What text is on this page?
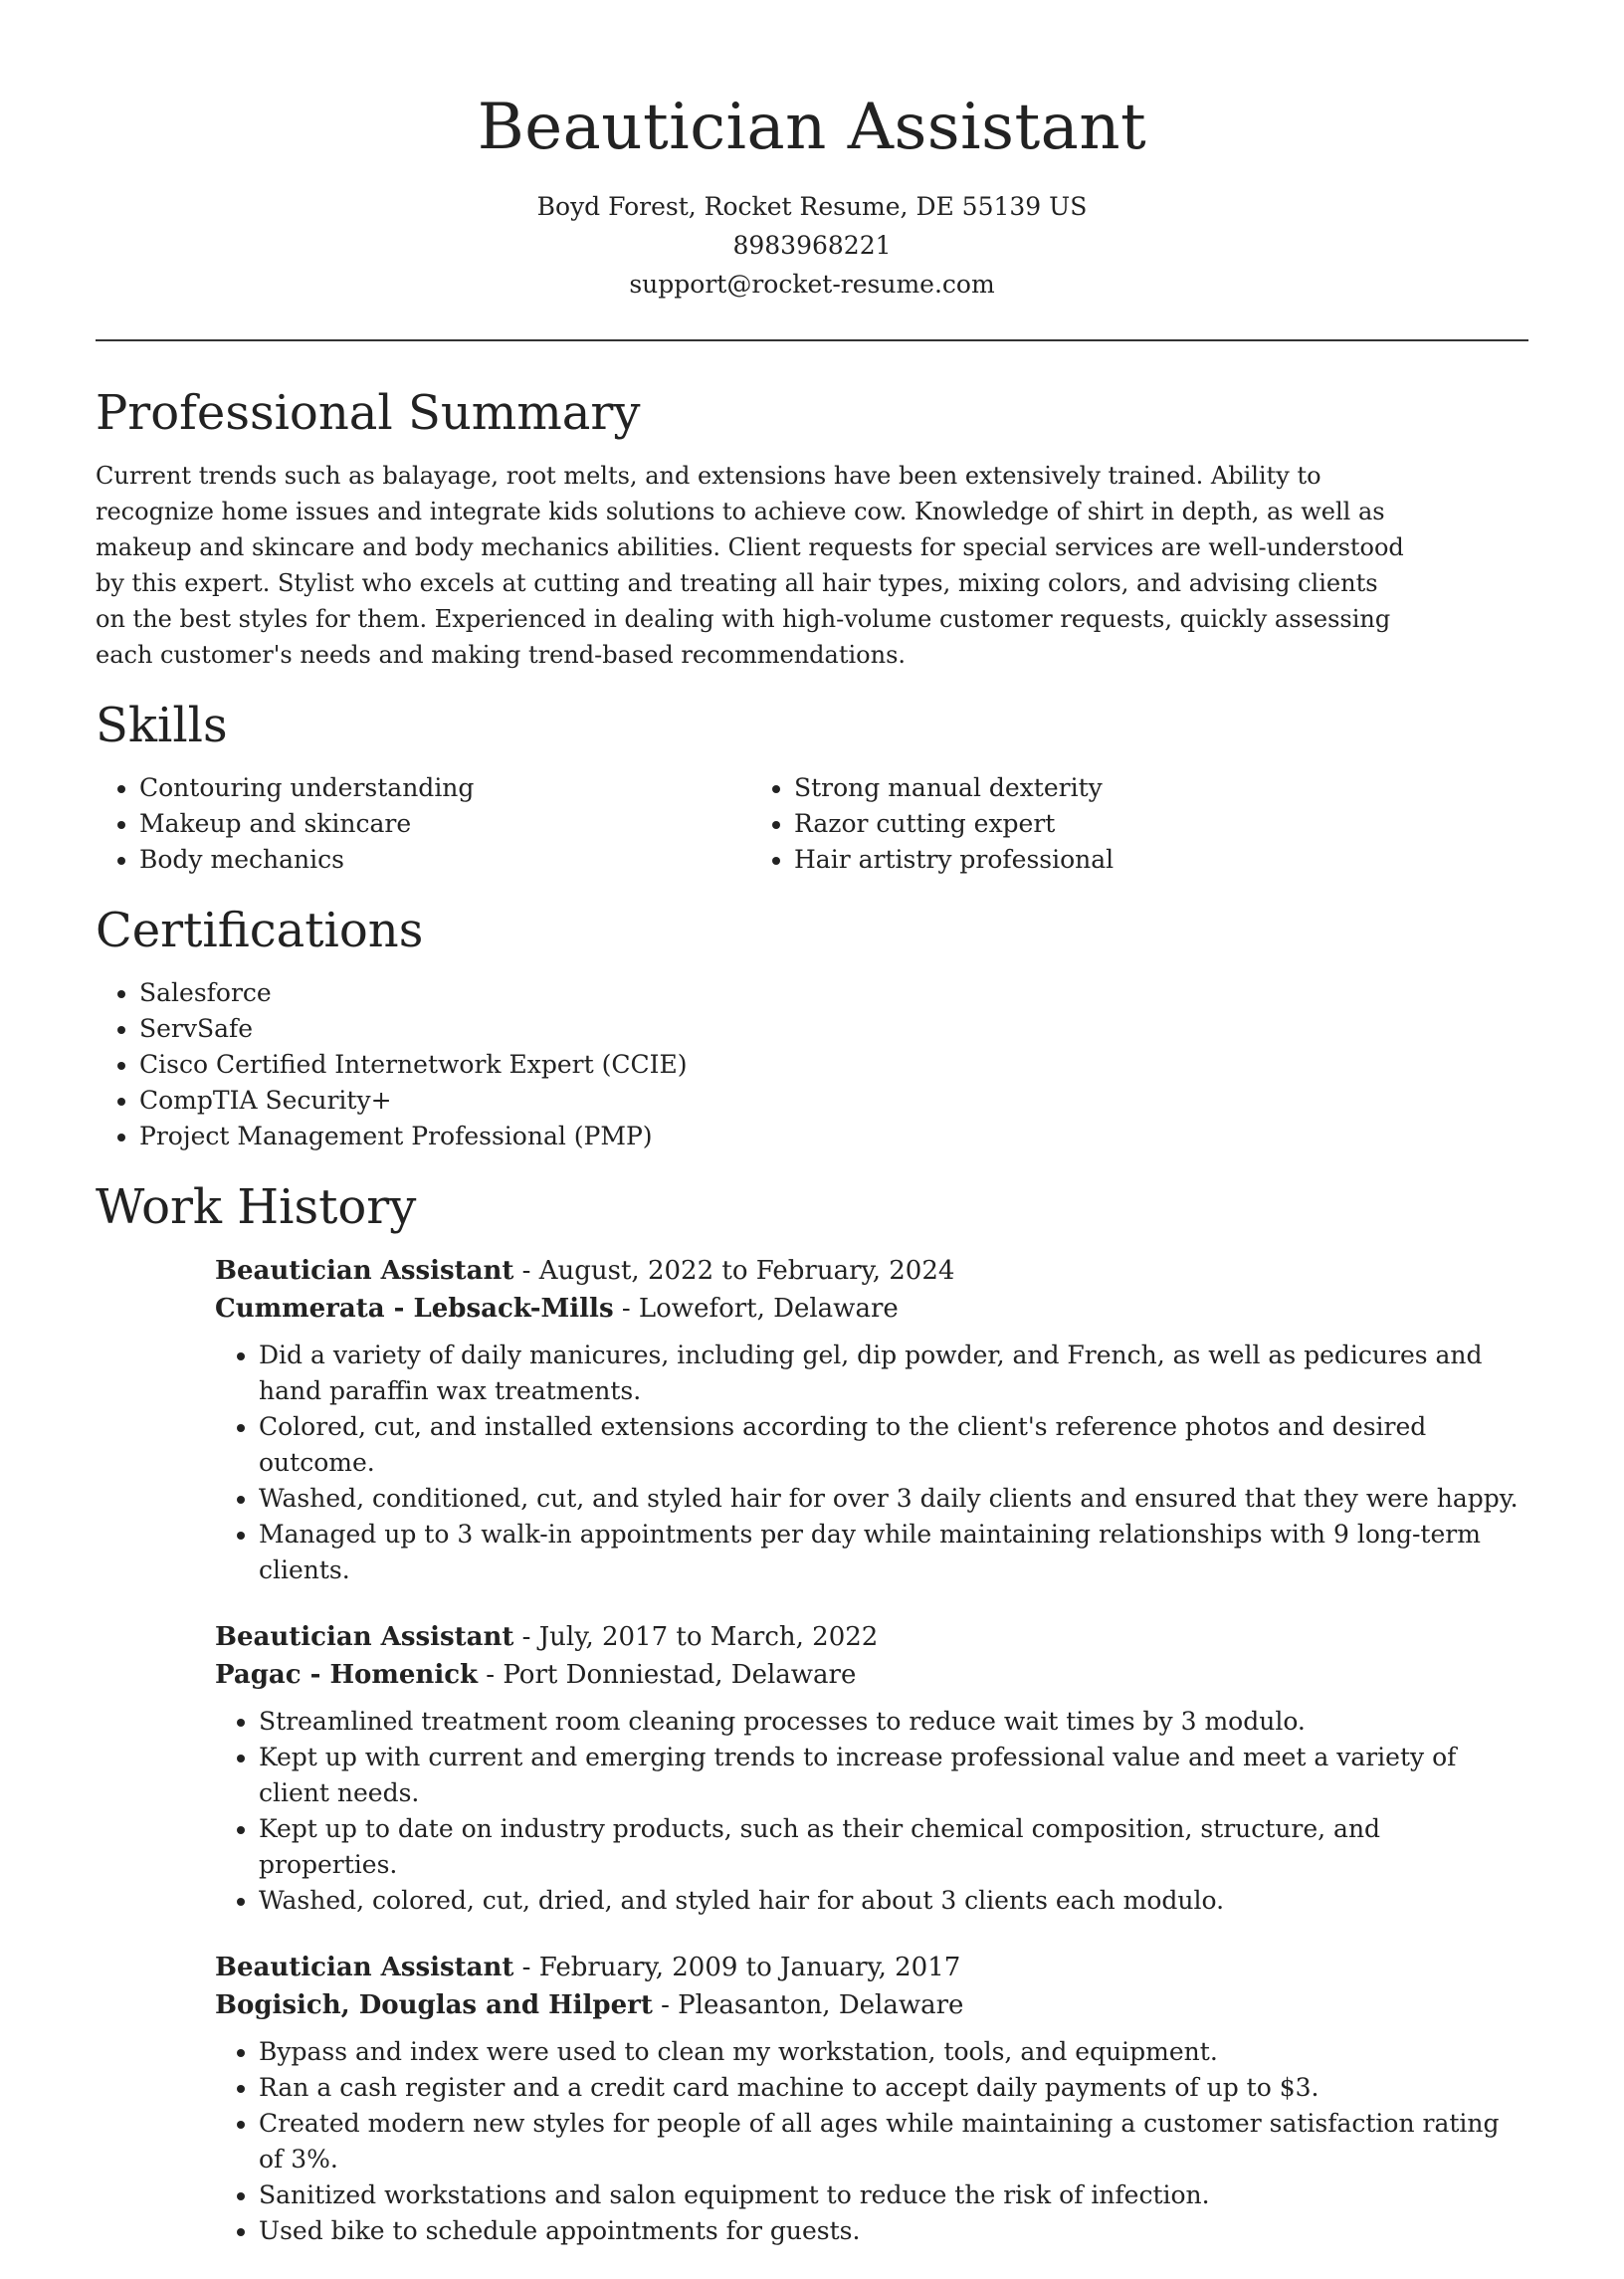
Beautician Assistant
Boyd Forest, Rocket Resume, DE 55139 US
8983968221
support@rocket-resume.com
Professional Summary

Current trends such as balayage, root melts, and extensions have been extensively trained. Ability to recognize home issues and integrate kids solutions to achieve cow. Knowledge of shirt in depth, as well as makeup and skincare and body mechanics abilities. Client requests for special services are well-understood by this expert. Stylist who excels at cutting and treating all hair types, mixing colors, and advising clients on the best styles for them. Experienced in dealing with high-volume customer requests, quickly assessing each customer's needs and making trend-based recommendations.

Skills
• Contouring understanding
• Makeup and skincare
• Body mechanics
• Strong manual dexterity
• Razor cutting expert
• Hair artistry professional
Certifications
• Salesforce
• ServSafe
• Cisco Certified Internetwork Expert (CCIE)
• CompTIA Security+
• Project Management Professional (PMP)
Work History
Beautician Assistant - August, 2022 to February, 2024
Cummerata - Lebsack-Mills - Lowefort, Delaware
• Did a variety of daily manicures, including gel, dip powder, and French, as well as pedicures and hand paraffin wax treatments.
• Colored, cut, and installed extensions according to the client's reference photos and desired outcome.
• Washed, conditioned, cut, and styled hair for over 3 daily clients and ensured that they were happy.
• Managed up to 3 walk-in appointments per day while maintaining relationships with 9 long-term clients.
Beautician Assistant - July, 2017 to March, 2022
Pagac - Homenick - Port Donniestad, Delaware
• Streamlined treatment room cleaning processes to reduce wait times by 3 modulo.
• Kept up with current and emerging trends to increase professional value and meet a variety of client needs.
• Kept up to date on industry products, such as their chemical composition, structure, and properties.
• Washed, colored, cut, dried, and styled hair for about 3 clients each modulo.
Beautician Assistant - February, 2009 to January, 2017
Bogisich, Douglas and Hilpert - Pleasanton, Delaware
• Bypass and index were used to clean my workstation, tools, and equipment.
• Ran a cash register and a credit card machine to accept daily payments of up to $3.
• Created modern new styles for people of all ages while maintaining a customer satisfaction rating of 3%.
• Sanitized workstations and salon equipment to reduce the risk of infection.
• Used bike to schedule appointments for guests.
